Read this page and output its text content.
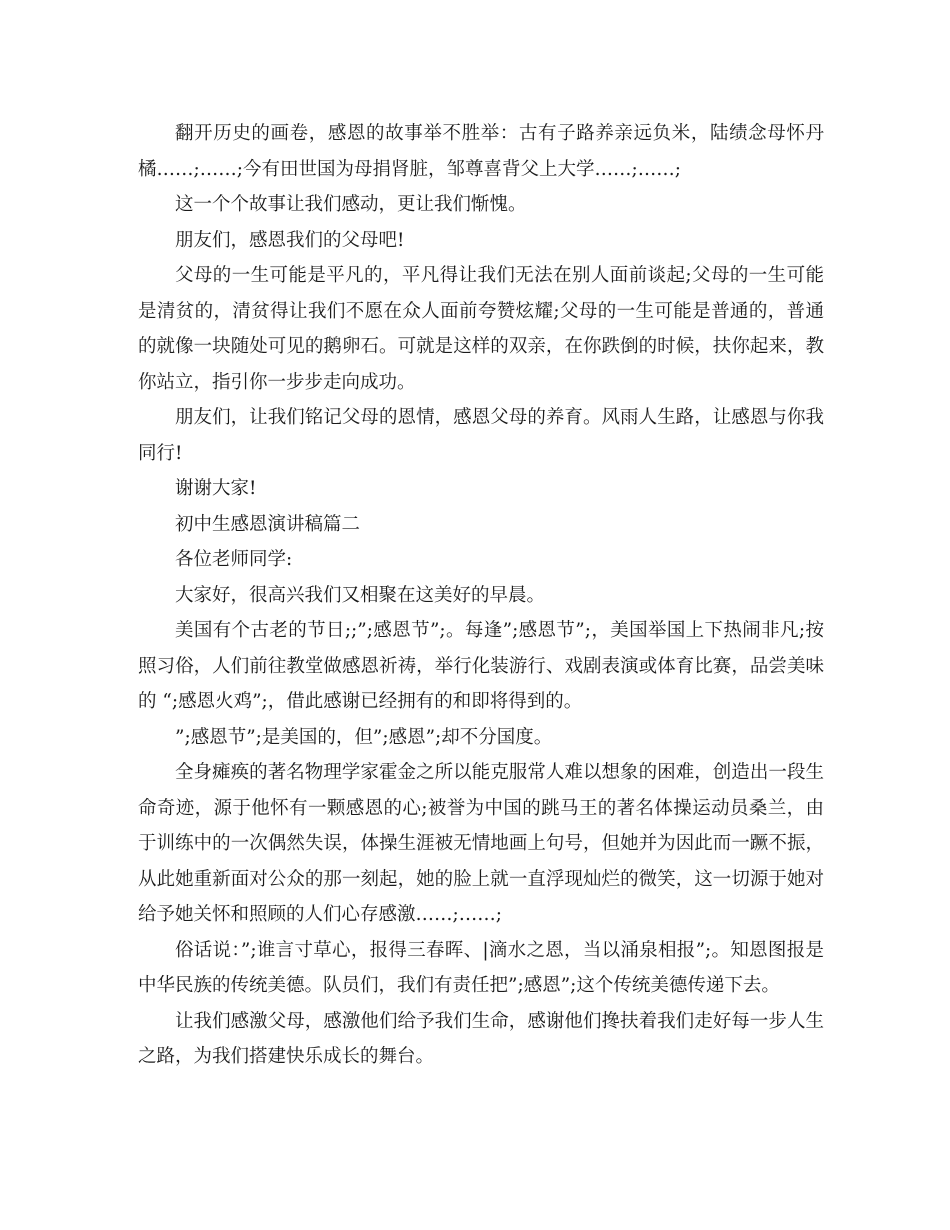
翻开历史的画卷，感恩的故事举不胜举：古有子路养亲远负米，陆绩念母怀丹橘……;……;今有田世国为母捐肾脏，邹尊喜背父上大学……;……;

这一个个故事让我们感动，更让我们惭愧。

朋友们，感恩我们的父母吧!

父母的一生可能是平凡的，平凡得让我们无法在别人面前谈起;父母的一生可能是清贫的，清贫得让我们不愿在众人面前夸赞炫耀;父母的一生可能是普通的，普通的就像一块随处可见的鹅卵石。可就是这样的双亲，在你跌倒的时候，扶你起来，教你站立，指引你一步步走向成功。

朋友们，让我们铭记父母的恩情，感恩父母的养育。风雨人生路，让感恩与你我同行!

谢谢大家!

初中生感恩演讲稿篇二

各位老师同学:

大家好，很高兴我们又相聚在这美好的早晨。

美国有个古老的节日;;”;感恩节”;。每逢”;感恩节”;，美国举国上下热闹非凡;按照习俗，人们前往教堂做感恩祈祷，举行化装游行、戏剧表演或体育比赛，品尝美味的 “;感恩火鸡”;，借此感谢已经拥有的和即将得到的。

”;感恩节”;是美国的，但”;感恩”;却不分国度。

全身瘫痪的著名物理学家霍金之所以能克服常人难以想象的困难，创造出一段生命奇迹，源于他怀有一颗感恩的心;被誉为中国的跳马王的著名体操运动员桑兰，由于训练中的一次偶然失误，体操生涯被无情地画上句号，但她并为因此而一蹶不振，从此她重新面对公众的那一刻起，她的脸上就一直浮现灿烂的微笑，这一切源于她对给予她关怀和照顾的人们心存感激……;……;

俗话说：”;谁言寸草心，报得三春晖、|滴水之恩，当以涌泉相报”;。知恩图报是中华民族的传统美德。队员们，我们有责任把”;感恩”;这个传统美德传递下去。

让我们感激父母，感激他们给予我们生命，感谢他们搀扶着我们走好每一步人生之路，为我们搭建快乐成长的舞台。
